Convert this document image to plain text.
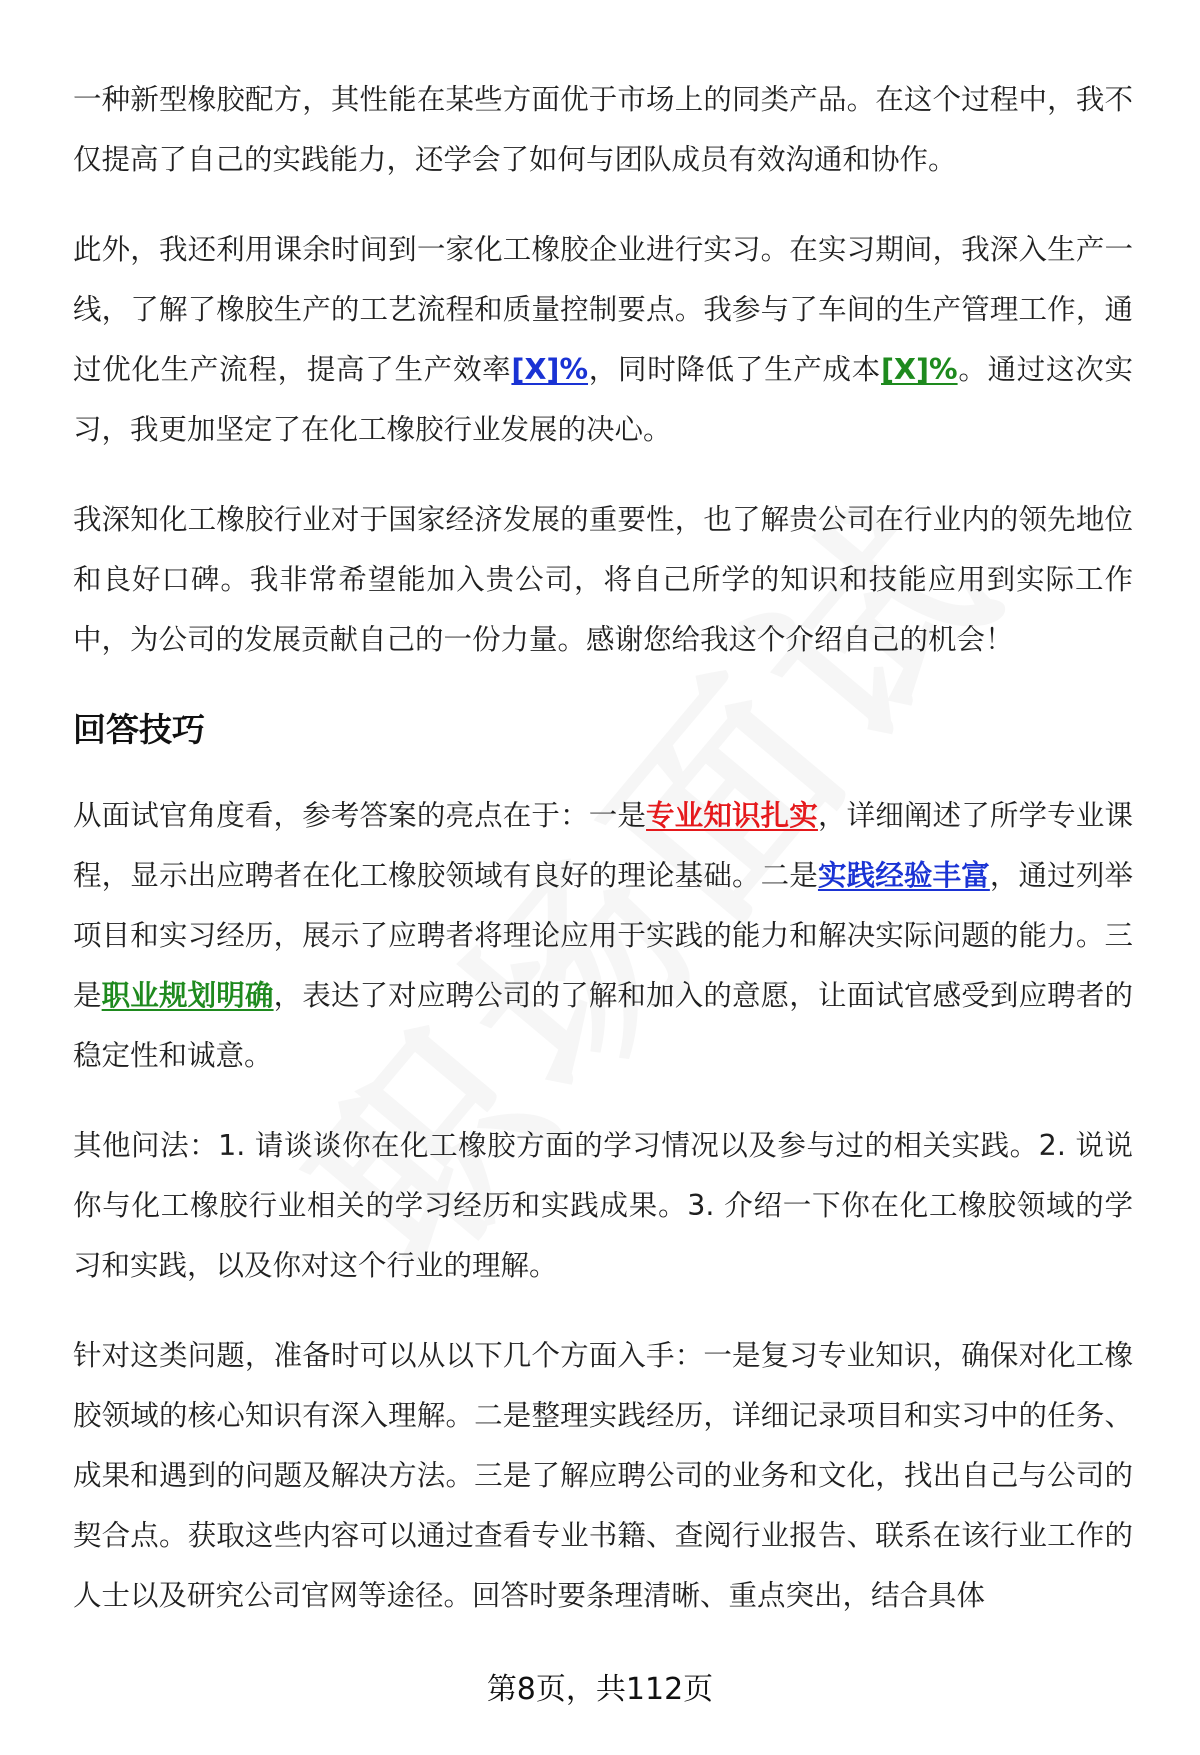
一种新型橡胶配方，其性能在某些方面优于市场上的同类产品。在这个过程中，我不仅提高了自己的实践能力，还学会了如何与团队成员有效沟通和协作。

此外，我还利用课余时间到一家化工橡胶企业进行实习。在实习期间，我深入生产一线，了解了橡胶生产的工艺流程和质量控制要点。我参与了车间的生产管理工作，通过优化生产流程，提高了生产效率[X]%，同时降低了生产成本[X]%。通过这次实习，我更加坚定了在化工橡胶行业发展的决心。

我深知化工橡胶行业对于国家经济发展的重要性，也了解贵公司在行业内的领先地位和良好口碑。我非常希望能加入贵公司，将自己所学的知识和技能应用到实际工作中，为公司的发展贡献自己的一份力量。感谢您给我这个介绍自己的机会！

回答技巧

从面试官角度看，参考答案的亮点在于：一是专业知识扎实，详细阐述了所学专业课程，显示出应聘者在化工橡胶领域有良好的理论基础。二是实践经验丰富，通过列举项目和实习经历，展示了应聘者将理论应用于实践的能力和解决实际问题的能力。三是职业规划明确，表达了对应聘公司的了解和加入的意愿，让面试官感受到应聘者的稳定性和诚意。

其他问法：1. 请谈谈你在化工橡胶方面的学习情况以及参与过的相关实践。2. 说说你与化工橡胶行业相关的学习经历和实践成果。3. 介绍一下你在化工橡胶领域的学习和实践，以及你对这个行业的理解。

针对这类问题，准备时可以从以下几个方面入手：一是复习专业知识，确保对化工橡胶领域的核心知识有深入理解。二是整理实践经历，详细记录项目和实习中的任务、成果和遇到的问题及解决方法。三是了解应聘公司的业务和文化，找出自己与公司的契合点。获取这些内容可以通过查看专业书籍、查阅行业报告、联系在该行业工作的人士以及研究公司官网等途径。回答时要条理清晰、重点突出，结合具体

第8页，共112页
